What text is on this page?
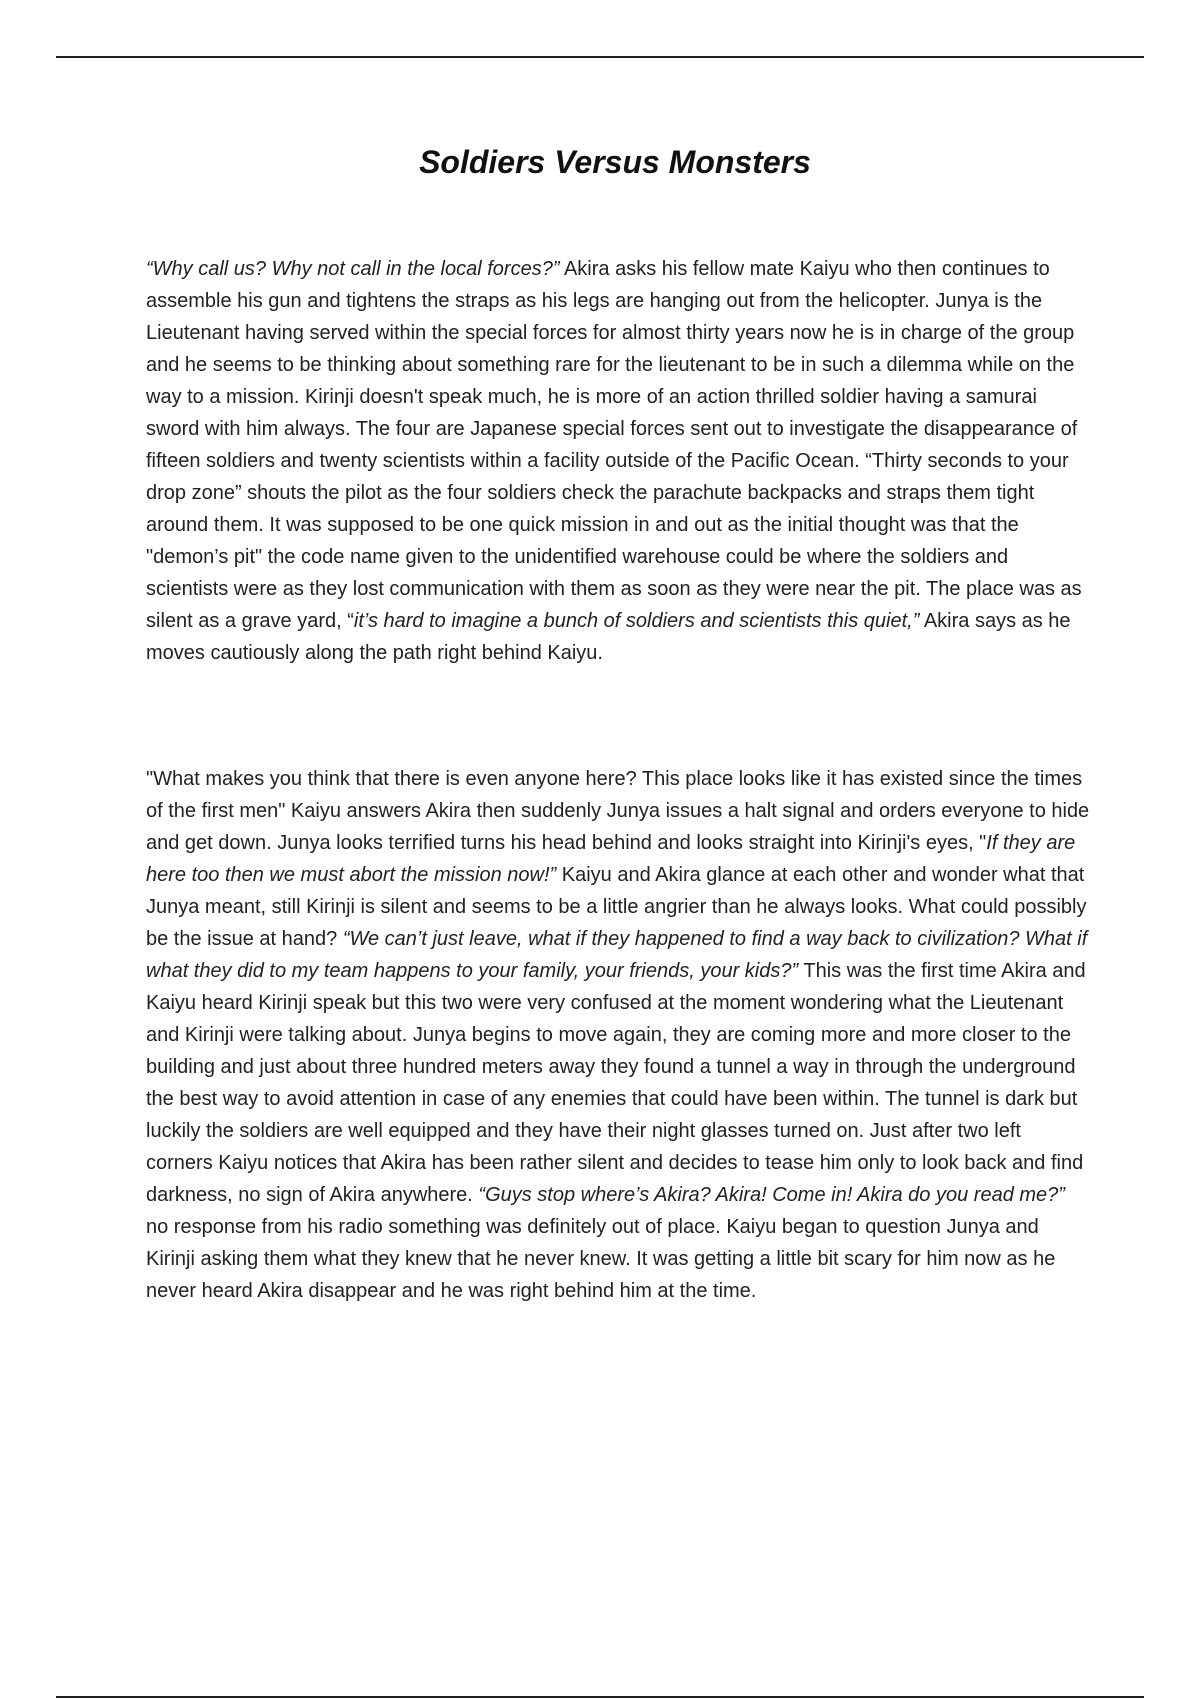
Soldiers Versus Monsters

“Why call us? Why not call in the local forces?” Akira asks his fellow mate Kaiyu who then continues to assemble his gun and tightens the straps as his legs are hanging out from the helicopter. Junya is the Lieutenant having served within the special forces for almost thirty years now he is in charge of the group and he seems to be thinking about something rare for the lieutenant to be in such a dilemma while on the way to a mission. Kirinji doesn't speak much, he is more of an action thrilled soldier having a samurai sword with him always. The four are Japanese special forces sent out to investigate the disappearance of fifteen soldiers and twenty scientists within a facility outside of the Pacific Ocean. “Thirty seconds to your drop zone” shouts the pilot as the four soldiers check the parachute backpacks and straps them tight around them. It was supposed to be one quick mission in and out as the initial thought was that the "demon’s pit" the code name given to the unidentified warehouse could be where the soldiers and scientists were as they lost communication with them as soon as they were near the pit. The place was as silent as a grave yard, “it’s hard to imagine a bunch of soldiers and scientists this quiet,” Akira says as he moves cautiously along the path right behind Kaiyu.

"What makes you think that there is even anyone here? This place looks like it has existed since the times of the first men" Kaiyu answers Akira then suddenly Junya issues a halt signal and orders everyone to hide and get down. Junya looks terrified turns his head behind and looks straight into Kirinji's eyes, "If they are here too then we must abort the mission now!” Kaiyu and Akira glance at each other and wonder what that Junya meant, still Kirinji is silent and seems to be a little angrier than he always looks. What could possibly be the issue at hand? “We can’t just leave, what if they happened to find a way back to civilization? What if what they did to my team happens to your family, your friends, your kids?” This was the first time Akira and Kaiyu heard Kirinji speak but this two were very confused at the moment wondering what the Lieutenant and Kirinji were talking about. Junya begins to move again, they are coming more and more closer to the building and just about three hundred meters away they found a tunnel a way in through the underground the best way to avoid attention in case of any enemies that could have been within. The tunnel is dark but luckily the soldiers are well equipped and they have their night glasses turned on. Just after two left corners Kaiyu notices that Akira has been rather silent and decides to tease him only to look back and find darkness, no sign of Akira anywhere. “Guys stop where’s Akira? Akira! Come in! Akira do you read me?” no response from his radio something was definitely out of place. Kaiyu began to question Junya and Kirinji asking them what they knew that he never knew. It was getting a little bit scary for him now as he never heard Akira disappear and he was right behind him at the time.
